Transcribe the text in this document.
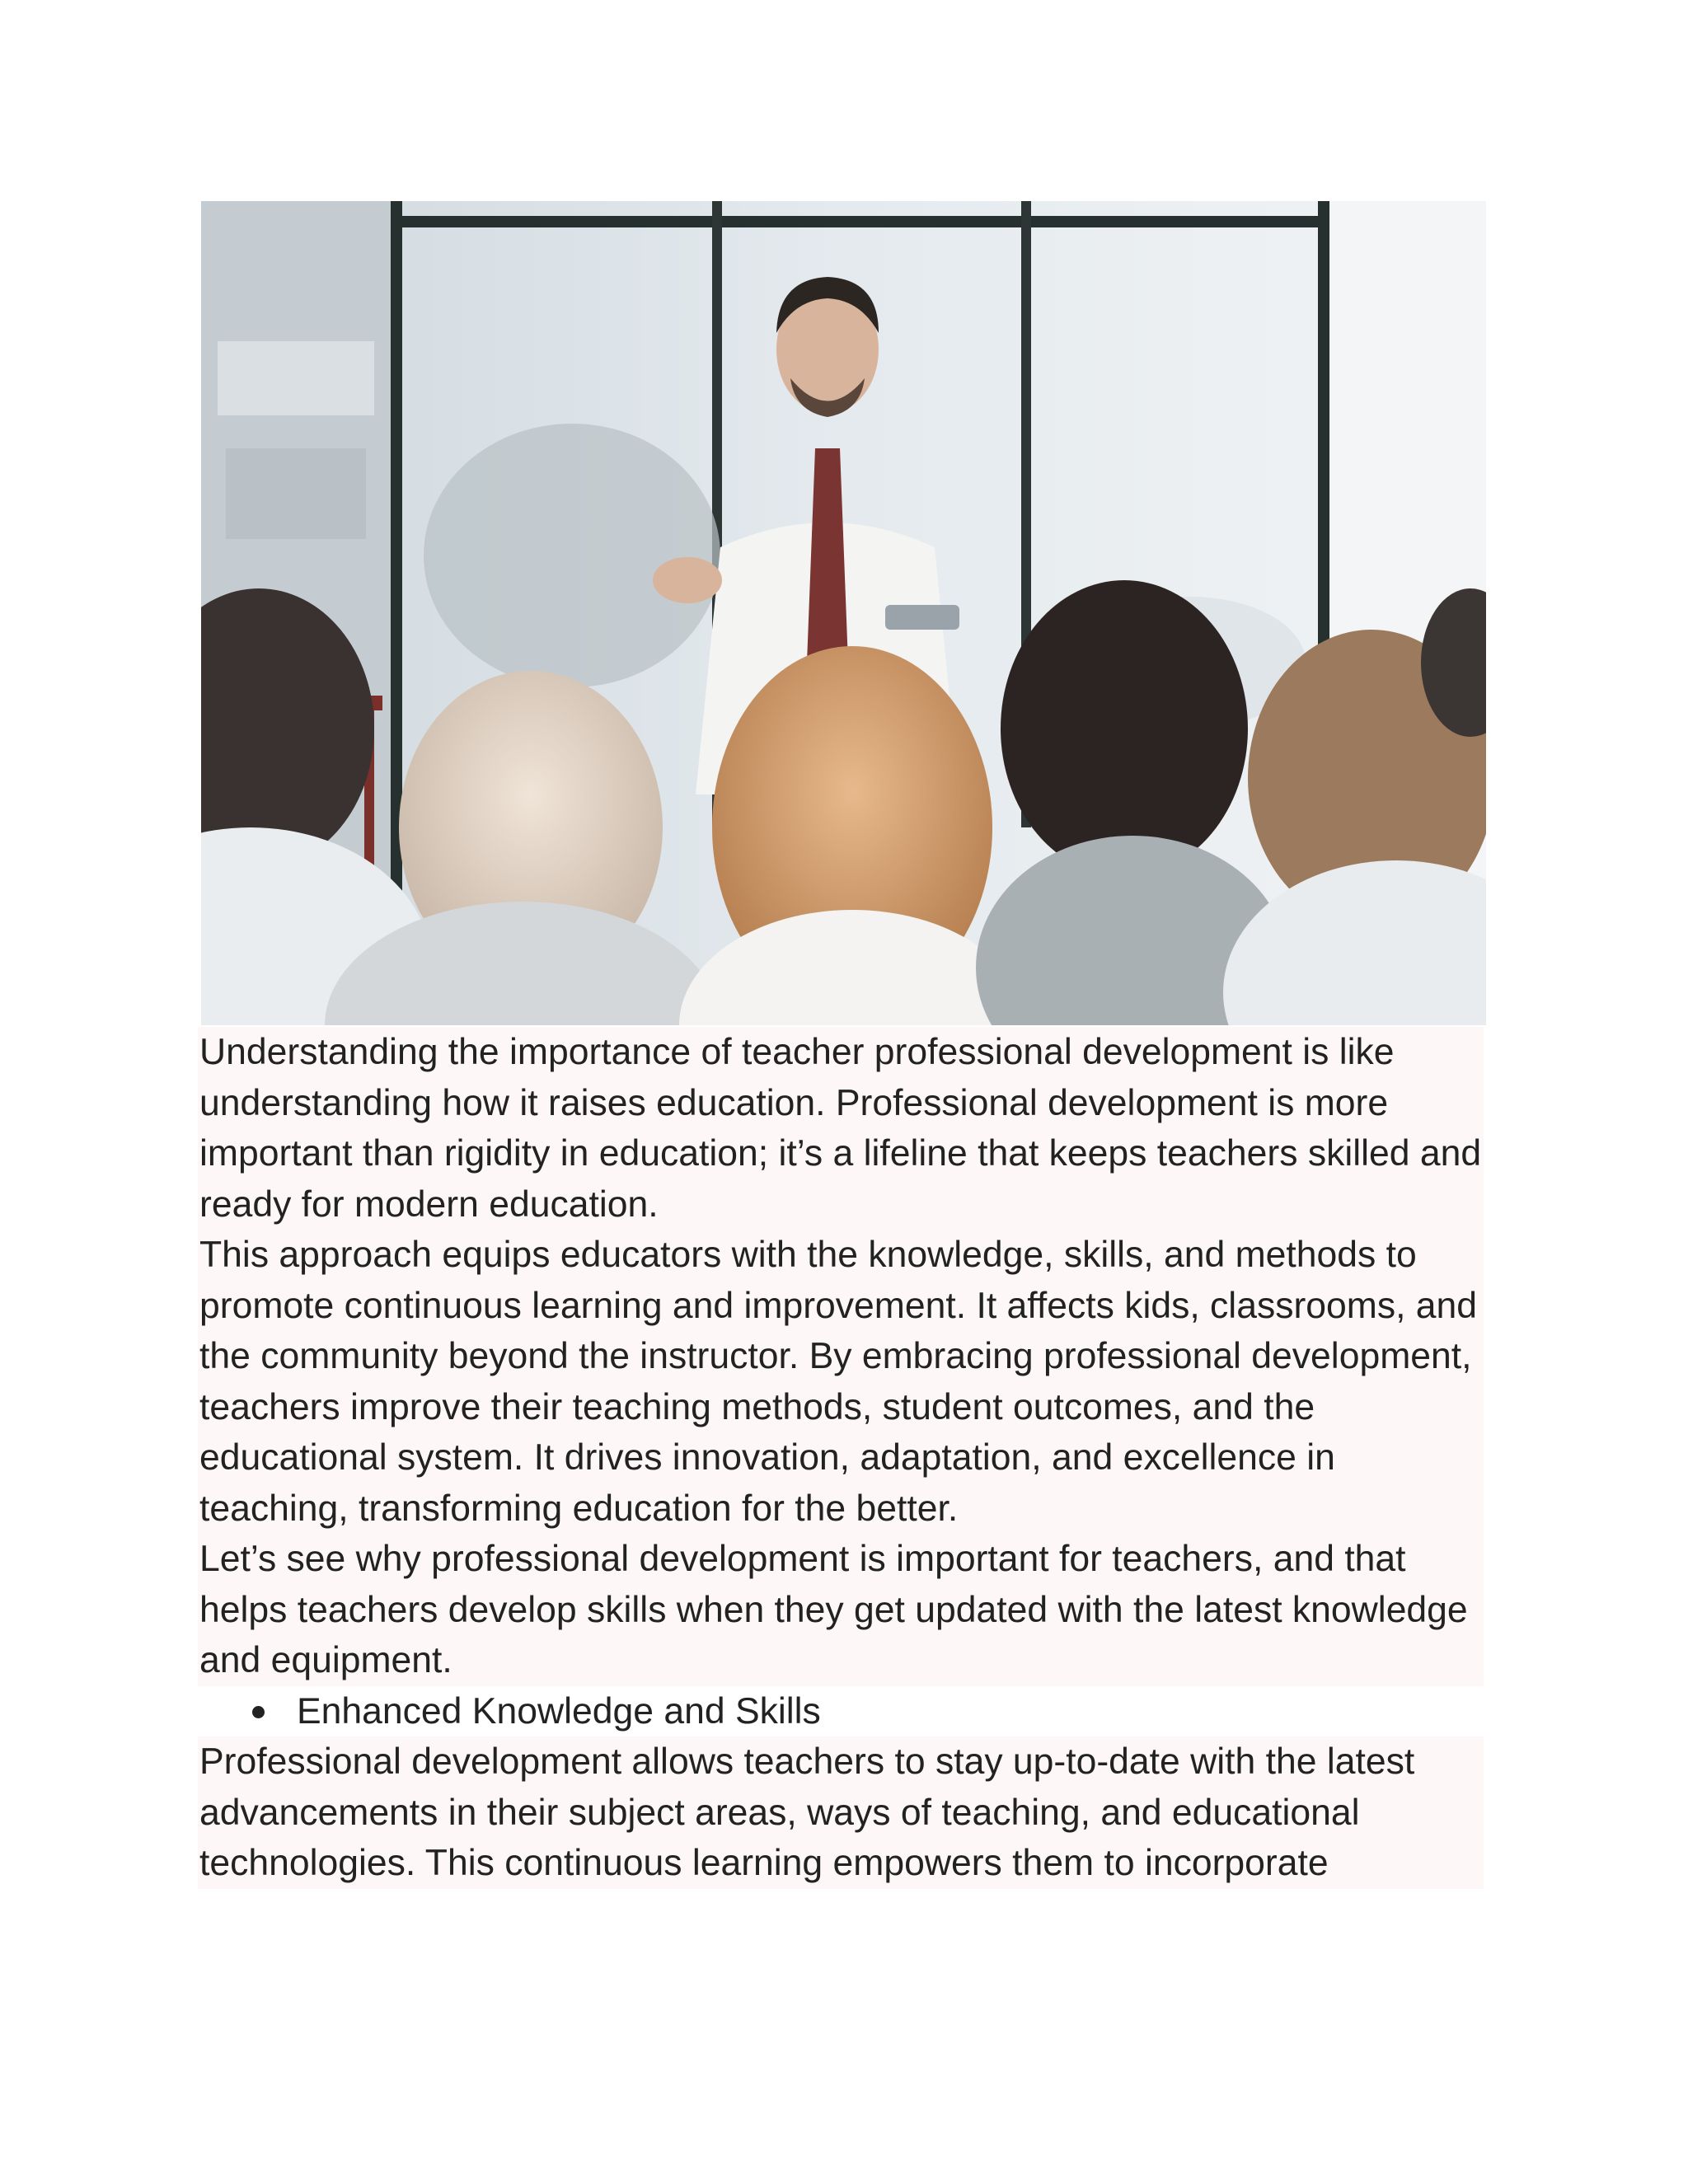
Understanding the importance of teacher professional development is like understanding how it raises education. Professional development is more important than rigidity in education; it’s a lifeline that keeps teachers skilled and ready for modern education.

This approach equips educators with the knowledge, skills, and methods to promote continuous learning and improvement. It affects kids, classrooms, and the community beyond the instructor. By embracing professional development, teachers improve their teaching methods, student outcomes, and the educational system. It drives innovation, adaptation, and excellence in teaching, transforming education for the better.

Let’s see why professional development is important for teachers, and that helps teachers develop skills when they get updated with the latest knowledge and equipment.

Enhanced Knowledge and Skills

Professional development allows teachers to stay up-to-date with the latest advancements in their subject areas, ways of teaching, and educational technologies. This continuous learning empowers them to incorporate
